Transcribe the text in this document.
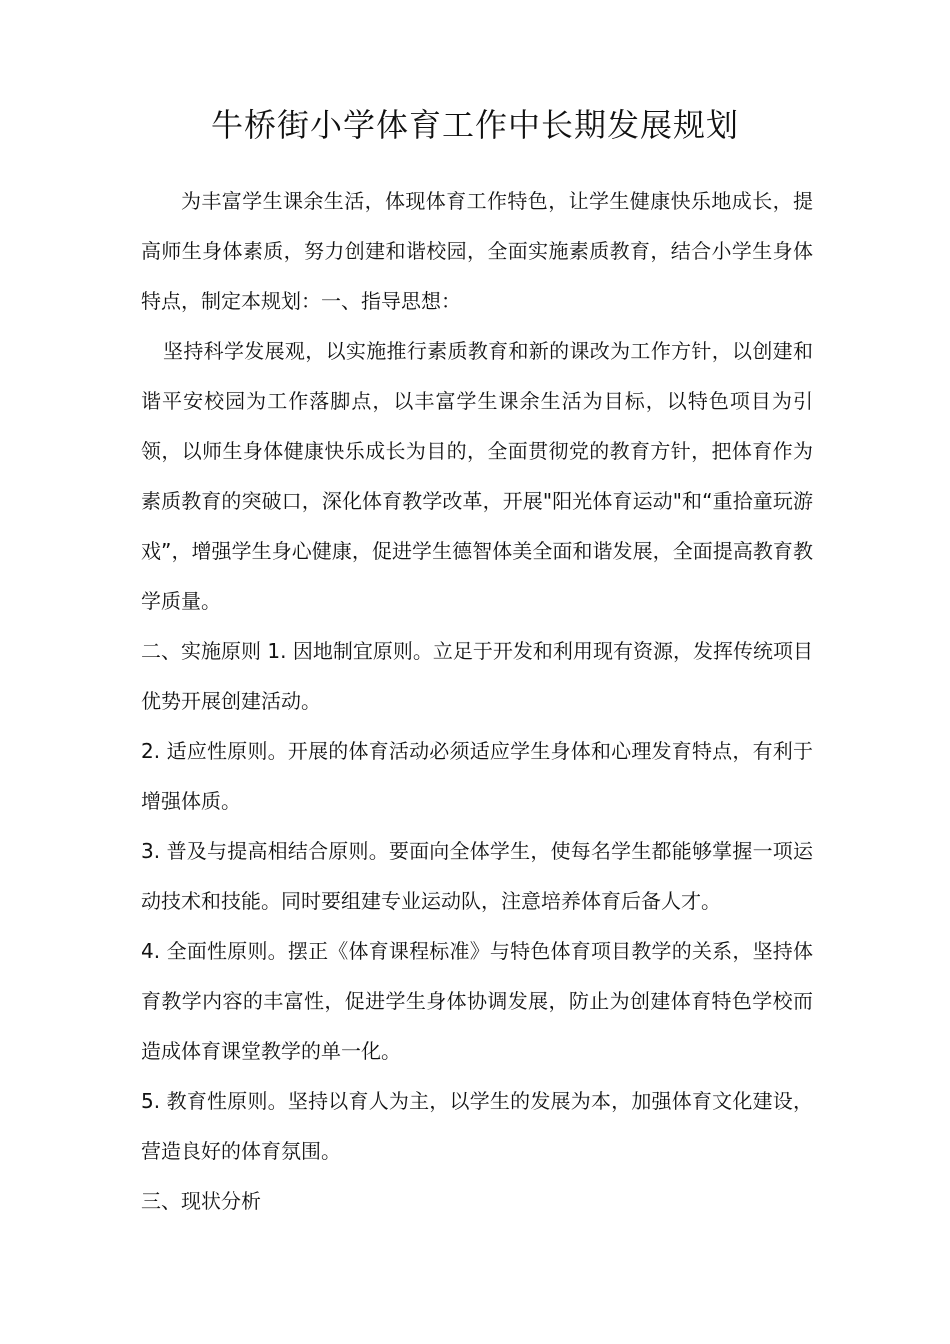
牛桥街小学体育工作中长期发展规划

为丰富学生课余生活，体现体育工作特色，让学生健康快乐地成长，提高师生身体素质，努力创建和谐校园，全面实施素质教育，结合小学生身体特点，制定本规划：一、指导思想：

坚持科学发展观，以实施推行素质教育和新的课改为工作方针，以创建和谐平安校园为工作落脚点，以丰富学生课余生活为目标，以特色项目为引领，以师生身体健康快乐成长为目的，全面贯彻党的教育方针，把体育作为素质教育的突破口，深化体育教学改革，开展"阳光体育运动"和“重拾童玩游戏”，增强学生身心健康，促进学生德智体美全面和谐发展，全面提高教育教学质量。

二、实施原则 1. 因地制宜原则。立足于开发和利用现有资源，发挥传统项目优势开展创建活动。

2. 适应性原则。开展的体育活动必须适应学生身体和心理发育特点，有利于增强体质。

3. 普及与提高相结合原则。要面向全体学生，使每名学生都能够掌握一项运动技术和技能。同时要组建专业运动队，注意培养体育后备人才。

4. 全面性原则。摆正《体育课程标准》与特色体育项目教学的关系，坚持体育教学内容的丰富性，促进学生身体协调发展，防止为创建体育特色学校而造成体育课堂教学的单一化。

5. 教育性原则。坚持以育人为主，以学生的发展为本，加强体育文化建设，营造良好的体育氛围。

三、现状分析
